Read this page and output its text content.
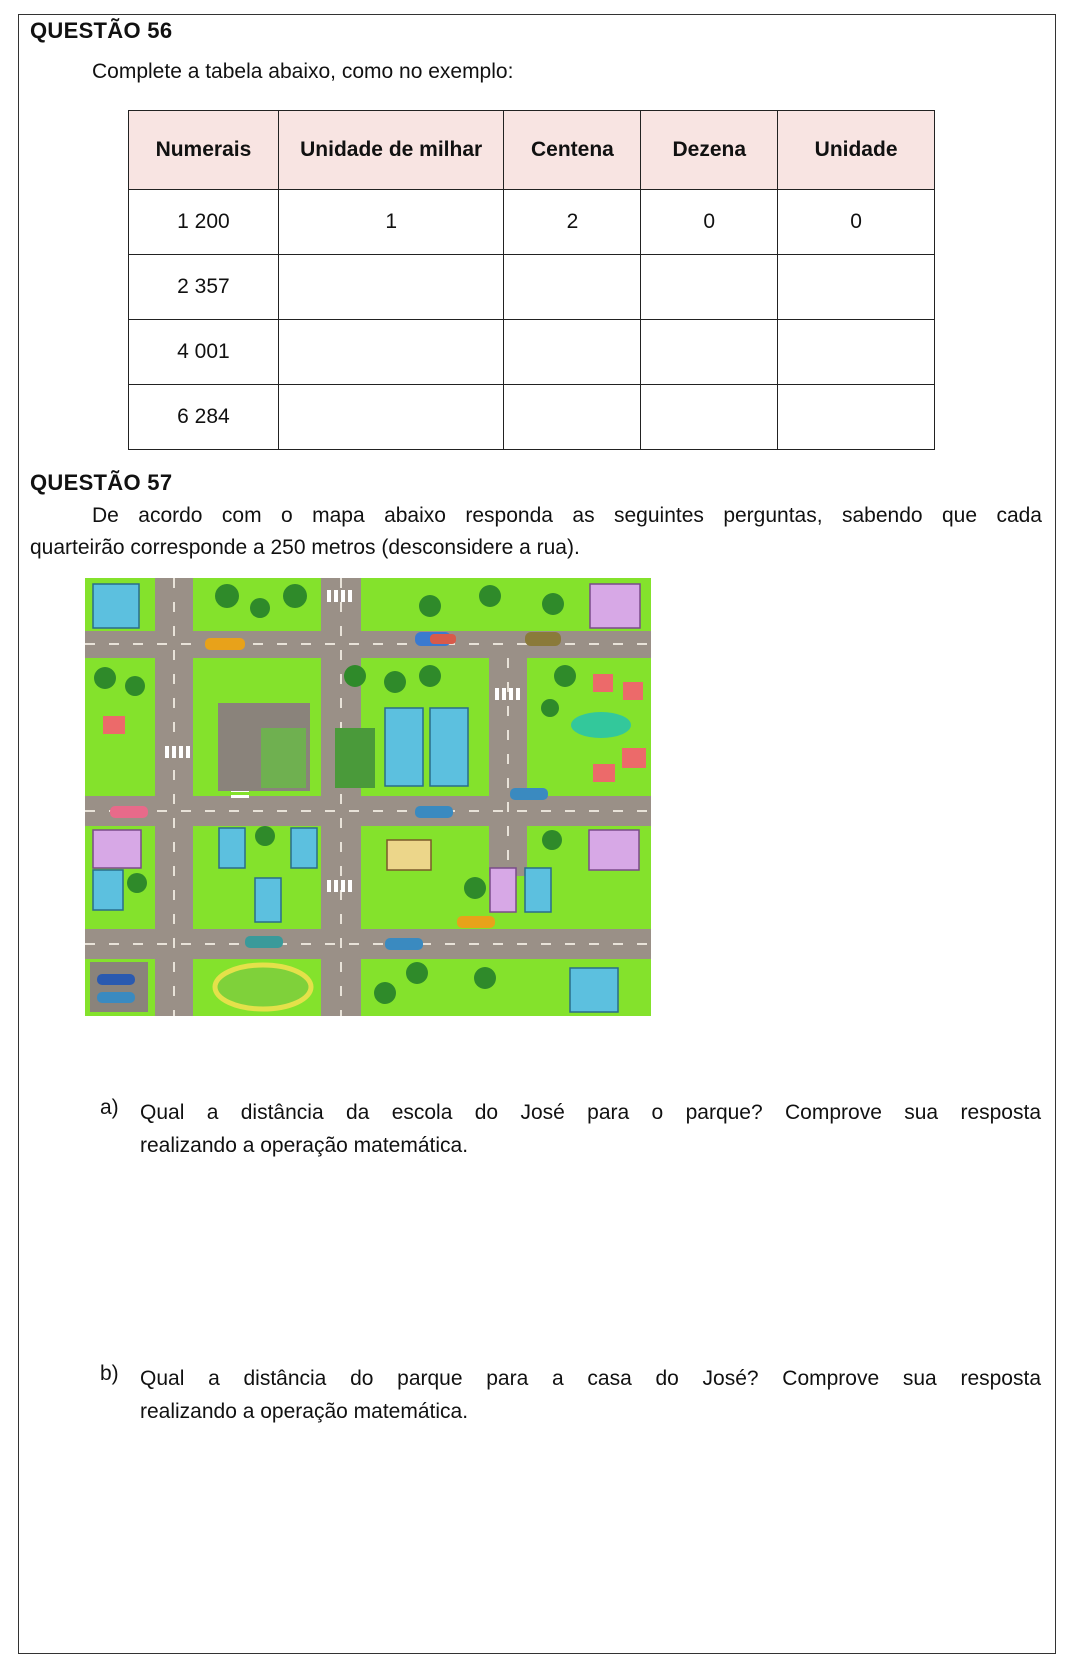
QUESTÃO 56
Complete a tabela abaixo, como no exemplo:
Numerais	Unidade de milhar	Centena	Dezena	Unidade
1 200	1	2	0	0
2 357				
4 001				
6 284				
QUESTÃO 57
De acordo com o mapa abaixo responda as seguintes perguntas, sabendo que cada
quarteirão corresponde a 250 metros (desconsidere a rua).
a) Qual a distância da escola do José para o parque? Comprove sua resposta
realizando a operação matemática.
b) Qual a distância do parque para a casa do José? Comprove sua resposta
realizando a operação matemática.
